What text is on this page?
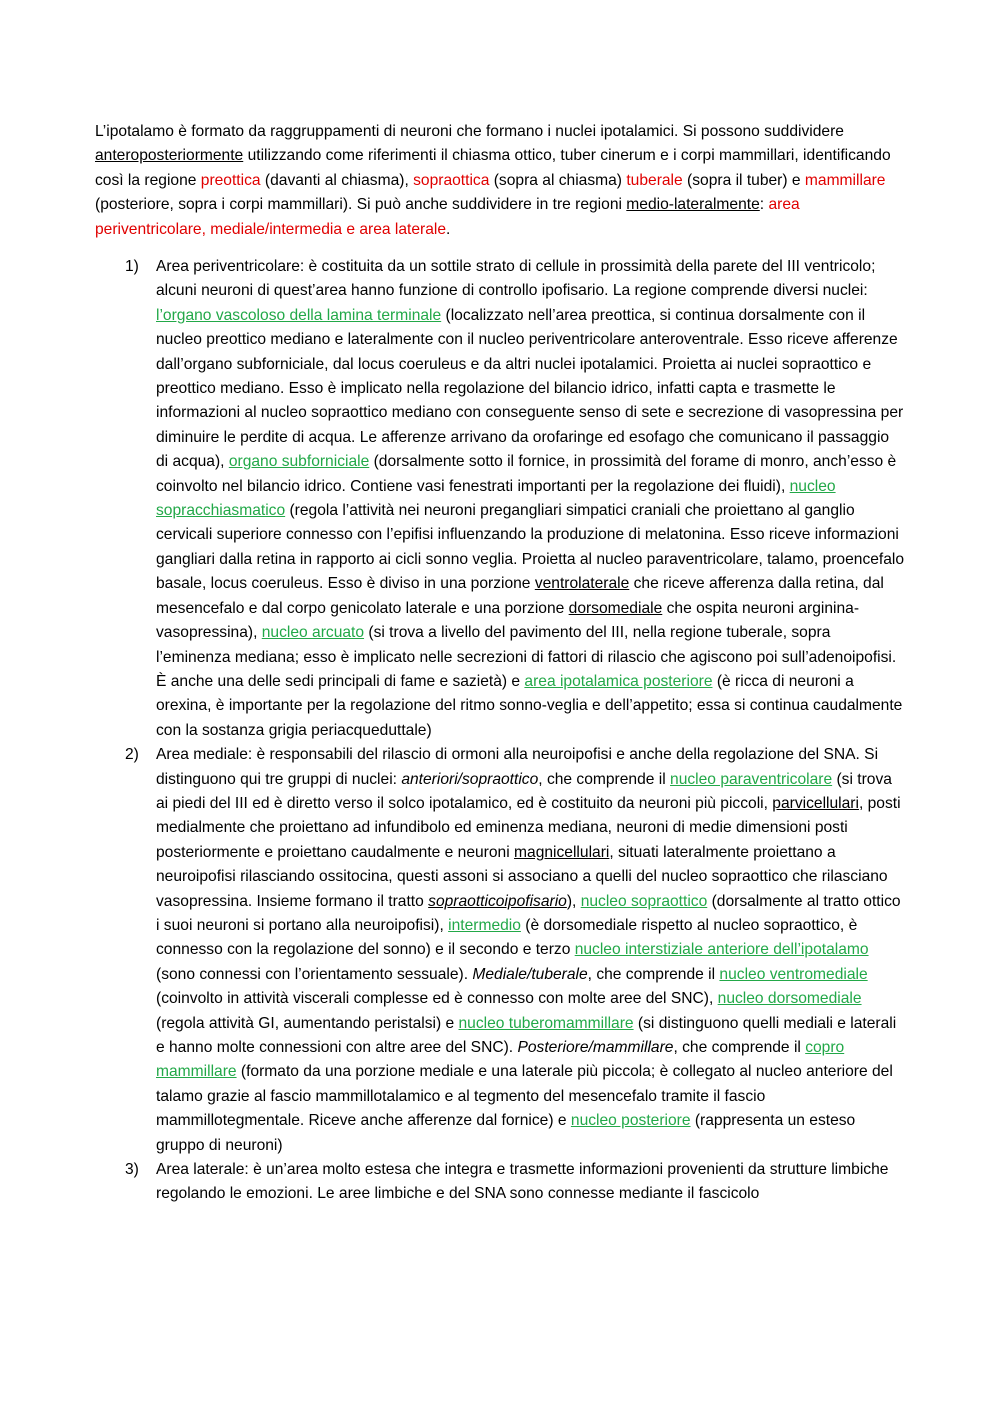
L’ipotalamo è formato da raggruppamenti di neuroni che formano i nuclei ipotalamici. Si possono suddividere anteroposteriormente utilizzando come riferimenti il chiasma ottico, tuber cinerum e i corpi mammillari, identificando così la regione preottica (davanti al chiasma), sopraottica (sopra al chiasma) tuberale (sopra il tuber) e mammillare (posteriore, sopra i corpi mammillari). Si può anche suddividere in tre regioni medio-lateralmente: area periventricolare, mediale/intermedia e area laterale.

1) Area periventricolare: è costituita da un sottile strato di cellule in prossimità della parete del III ventricolo; alcuni neuroni di quest’area hanno funzione di controllo ipofisario. La regione comprende diversi nuclei: l’organo vascoloso della lamina terminale (localizzato nell’area preottica, si continua dorsalmente con il nucleo preottico mediano e lateralmente con il nucleo periventricolare anteroventrale. Esso riceve afferenze dall’organo subforniciale, dal locus coeruleus e da altri nuclei ipotalamici. Proietta ai nuclei sopraottico e preottico mediano. Esso è implicato nella regolazione del bilancio idrico, infatti capta e trasmette le informazioni al nucleo sopraottico mediano con conseguente senso di sete e secrezione di vasopressina per diminuire le perdite di acqua. Le afferenze arrivano da orofaringe ed esofago che comunicano il passaggio di acqua), organo subforniciale (dorsalmente sotto il fornice, in prossimità del forame di monro, anch’esso è coinvolto nel bilancio idrico. Contiene vasi fenestrati importanti per la regolazione dei fluidi), nucleo sopracchiasmatico (regola l’attività nei neuroni pregangliari simpatici craniali che proiettano al ganglio cervicali superiore connesso con l’epifisi influenzando la produzione di melatonina. Esso riceve informazioni gangliari dalla retina in rapporto ai cicli sonno veglia. Proietta al nucleo paraventricolare, talamo, proencefalo basale, locus coeruleus. Esso è diviso in una porzione ventrolaterale che riceve afferenza dalla retina, dal mesencefalo e dal corpo genicolato laterale e una porzione dorsomediale che ospita neuroni arginina-vasopressina), nucleo arcuato (si trova a livello del pavimento del III, nella regione tuberale, sopra l’eminenza mediana; esso è implicato nelle secrezioni di fattori di rilascio che agiscono poi sull’adenoipofisi. È anche una delle sedi principali di fame e sazietà) e area ipotalamica posteriore (è ricca di neuroni a orexina, è importante per la regolazione del ritmo sonno-veglia e dell’appetito; essa si continua caudalmente con la sostanza grigia periacqueduttale)
2) Area mediale: è responsabili del rilascio di ormoni alla neuroipofisi e anche della regolazione del SNA. Si distinguono qui tre gruppi di nuclei: anteriori/sopraottico, che comprende il nucleo paraventricolare (si trova ai piedi del III ed è diretto verso il solco ipotalamico, ed è costituito da neuroni più piccoli, parvicellulari, posti medialmente che proiettano ad infundibolo ed eminenza mediana, neuroni di medie dimensioni posti posteriormente e proiettano caudalmente e neuroni magnicellulari, situati lateralmente proiettano a neuroipofisi rilasciando ossitocina, questi assoni si associano a quelli del nucleo sopraottico che rilasciano vasopressina. Insieme formano il tratto sopraotticoipofisario), nucleo sopraottico (dorsalmente al tratto ottico i suoi neuroni si portano alla neuroipofisi), intermedio (è dorsomediale rispetto al nucleo sopraottico, è connesso con la regolazione del sonno) e il secondo e terzo nucleo interstiziale anteriore dell’ipotalamo (sono connessi con l’orientamento sessuale). Mediale/tuberale, che comprende il nucleo ventromediale (coinvolto in attività viscerali complesse ed è connesso con molte aree del SNC), nucleo dorsomediale (regola attività GI, aumentando peristalsi) e nucleo tuberomammillare (si distinguono quelli mediali e laterali e hanno molte connessioni con altre aree del SNC). Posteriore/mammillare, che comprende il copro mammillare (formato da una porzione mediale e una laterale più piccola; è collegato al nucleo anteriore del talamo grazie al fascio mammillotalamico e al tegmento del mesencefalo tramite il fascio mammillotegmentale. Riceve anche afferenze dal fornice) e nucleo posteriore (rappresenta un esteso gruppo di neuroni)
3) Area laterale: è un’area molto estesa che integra e trasmette informazioni provenienti da strutture limbiche regolando le emozioni. Le aree limbiche e del SNA sono connesse mediante il fascicolo
